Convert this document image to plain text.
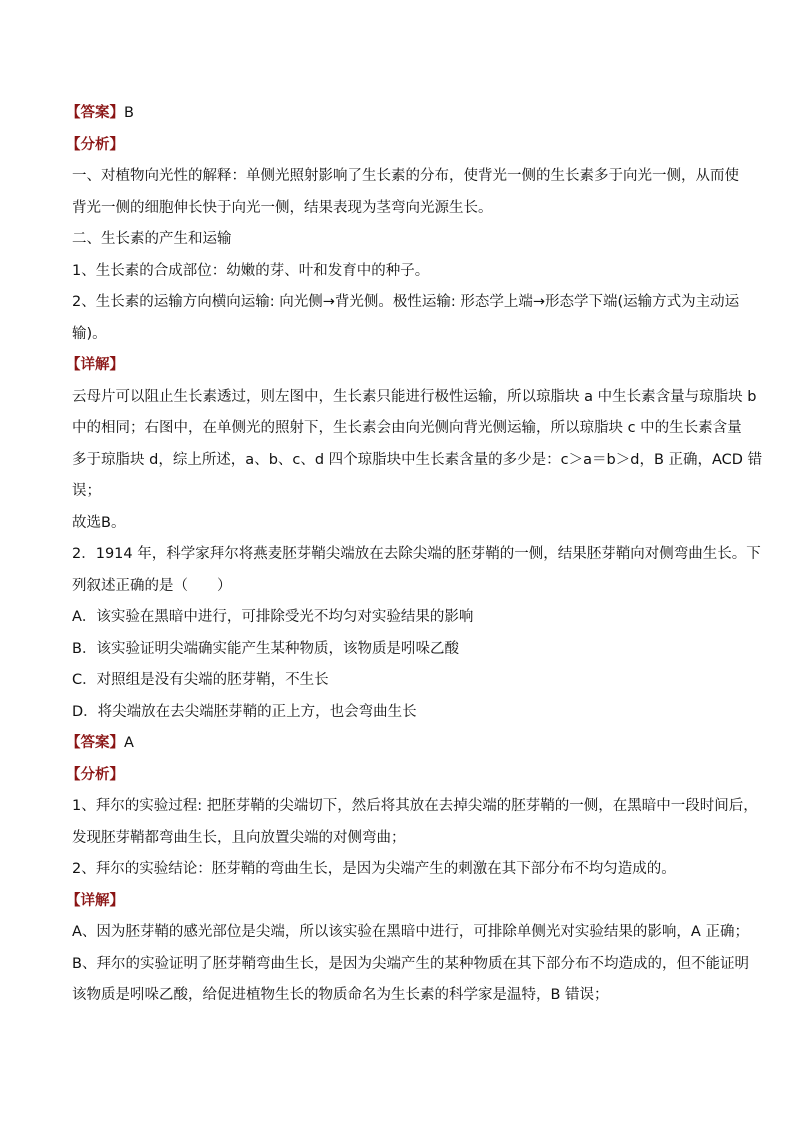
【答案】B
【分析】
一、对植物向光性的解释：单侧光照射影响了生长素的分布，使背光一侧的生长素多于向光一侧，从而使
背光一侧的细胞伸长快于向光一侧，结果表现为茎弯向光源生长。
二、生长素的产生和运输
1、生长素的合成部位：幼嫩的芽、叶和发育中的种子。
2、生长素的运输方向横向运输: 向光侧→背光侧。极性运输: 形态学上端→形态学下端(运输方式为主动运
输)。
【详解】
云母片可以阻止生长素透过，则左图中，生长素只能进行极性运输，所以琼脂块 a 中生长素含量与琼脂块 b
中的相同；右图中，在单侧光的照射下，生长素会由向光侧向背光侧运输，所以琼脂块 c 中的生长素含量
多于琼脂块 d，综上所述，a、b、c、d 四个琼脂块中生长素含量的多少是：c＞a＝b＞d，B 正确，ACD 错
误；
故选B。
2．1914 年，科学家拜尔将燕麦胚芽鞘尖端放在去除尖端的胚芽鞘的一侧，结果胚芽鞘向对侧弯曲生长。下
列叙述正确的是（　　）
A．该实验在黑暗中进行，可排除受光不均匀对实验结果的影响
B．该实验证明尖端确实能产生某种物质，该物质是吲哚乙酸
C．对照组是没有尖端的胚芽鞘，不生长
D．将尖端放在去尖端胚芽鞘的正上方，也会弯曲生长
【答案】A
【分析】
1、拜尔的实验过程: 把胚芽鞘的尖端切下，然后将其放在去掉尖端的胚芽鞘的一侧，在黑暗中一段时间后，
发现胚芽鞘都弯曲生长，且向放置尖端的对侧弯曲；
2、拜尔的实验结论：胚芽鞘的弯曲生长，是因为尖端产生的刺激在其下部分布不均匀造成的。
【详解】
A、因为胚芽鞘的感光部位是尖端，所以该实验在黑暗中进行，可排除单侧光对实验结果的影响，A 正确；
B、拜尔的实验证明了胚芽鞘弯曲生长，是因为尖端产生的某种物质在其下部分布不均造成的，但不能证明
该物质是吲哚乙酸，给促进植物生长的物质命名为生长素的科学家是温特，B 错误；
